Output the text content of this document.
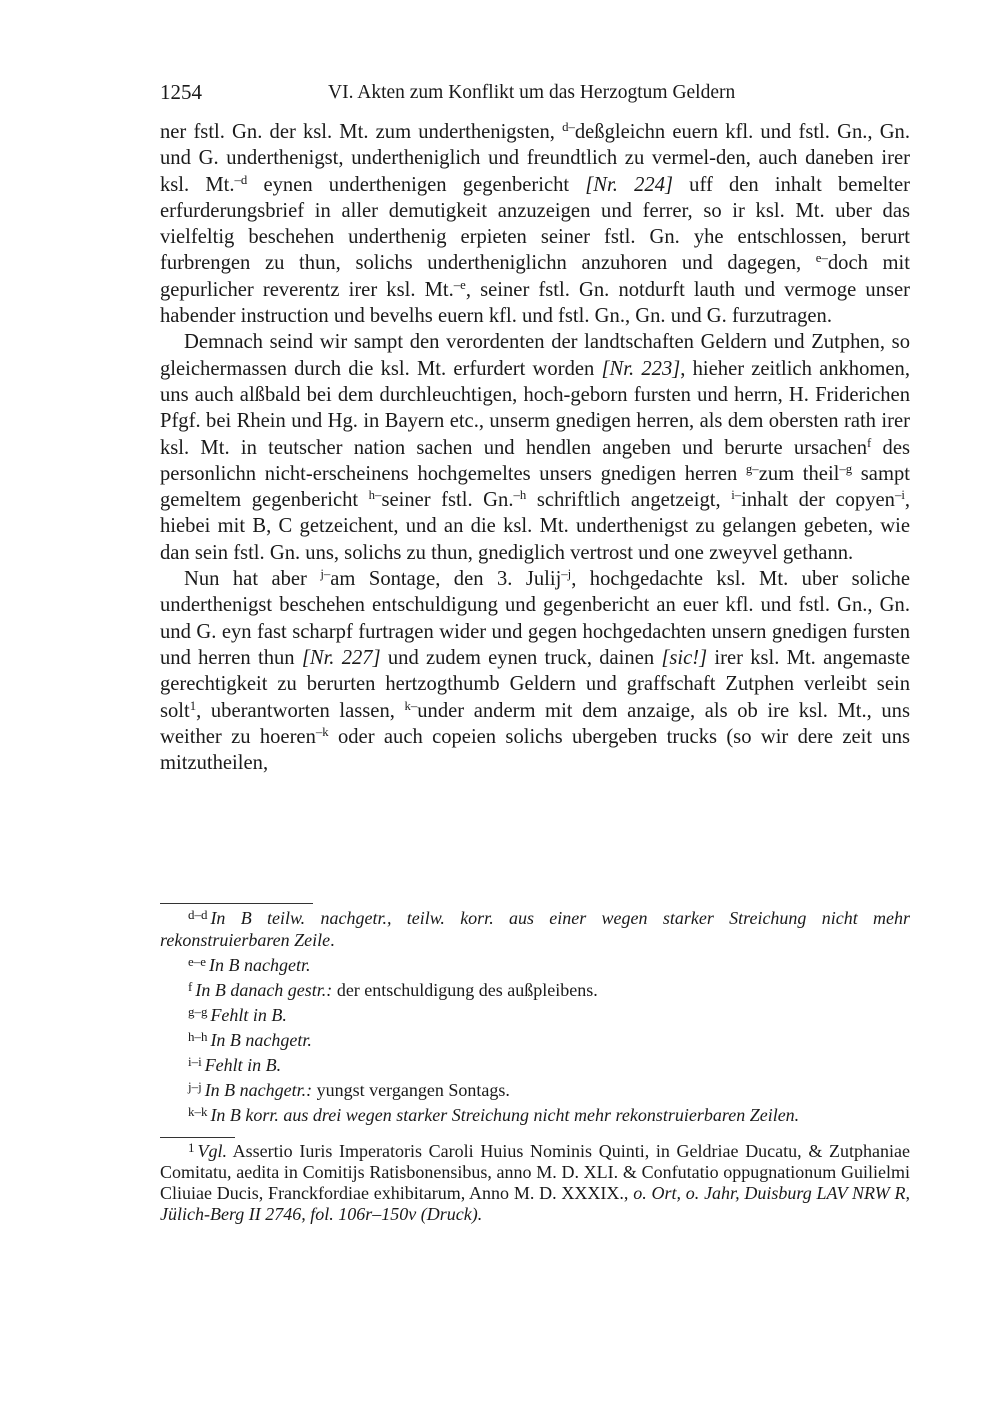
1254	VI. Akten zum Konflikt um das Herzogtum Geldern

ner fstl. Gn. der ksl. Mt. zum underthenigsten, $^{d-}$deßgleichn euern kfl. und fstl. Gn., Gn. und G. underthenigst, undertheniglich und freundtlich zu vermel-den, auch daneben irer ksl. Mt.$^{-d}$ eynen underthenigen gegenbericht [Nr. 224] uff den inhalt bemelter erfurderungsbrief in aller demutigkeit anzuzeigen und ferrer, so ir ksl. Mt. uber das vielfeltig beschehen underthenig erpieten seiner fstl. Gn. yhe entschlossen, berurt furbrengen zu thun, solichs undertheniglichn anzuhoren und dagegen, $^{e-}$doch mit gepurlicher reverentz irer ksl. Mt.$^{-e}$, seiner fstl. Gn. notdurft lauth und vermoge unser habender instruction und bevelhs euern kfl. und fstl. Gn., Gn. und G. furzutragen.

Demnach seind wir sampt den verordenten der landtschaften Geldern und Zutphen, so gleichermassen durch die ksl. Mt. erfurdert worden [Nr. 223], hieher zeitlich ankhomen, uns auch alßbald bei dem durchleuchtigen, hoch-geborn fursten und herrn, H. Friderichen Pfgf. bei Rhein und Hg. in Bayern etc., unserm gnedigen herren, als dem obersten rath irer ksl. Mt. in teutscher nation sachen und hendlen angeben und berurte ursachen$^f$ des personlichn nicht-erscheinens hochgemeltes unsers gnedigen herren $^{g-}$zum theil$^{-g}$ sampt gemeltem gegenbericht $^{h-}$seiner fstl. Gn.$^{-h}$ schriftlich angetzeigt, $^{i-}$inhalt der copyen$^{-i}$, hiebei mit B, C getzeichent, und an die ksl. Mt. underthenigst zu gelangen gebeten, wie dan sein fstl. Gn. uns, solichs zu thun, gnediglich vertrost und one zweyvel gethann.

Nun hat aber $^{j-}$am Sontage, den 3. Julij$^{-j}$, hochgedachte ksl. Mt. uber soliche underthenigst beschehen entschuldigung und gegenbericht an euer kfl. und fstl. Gn., Gn. und G. eyn fast scharpf furtragen wider und gegen hochgedachten unsern gnedigen fursten und herren thun [Nr. 227] und zudem eynen truck, dainen [sic!] irer ksl. Mt. angemaste gerechtigkeit zu berurten hertzogthumb Geldern und graffschaft Zutphen verleibt sein solt$^1$, uberantworten lassen, $^{k-}$under anderm mit dem anzaige, als ob ire ksl. Mt., uns weither zu hoeren$^{-k}$ oder auch copeien solichs ubergeben trucks (so wir dere zeit uns mitzutheilen,

$^{d-d}$ In B teilw. nachgetr., teilw. korr. aus einer wegen starker Streichung nicht mehr rekonstruierbaren Zeile.

$^{e-e}$ In B nachgetr.

$^f$ In B danach gestr.: der entschuldigung des außpleibens.

$^{g-g}$ Fehlt in B.

$^{h-h}$ In B nachgetr.

$^{i-i}$ Fehlt in B.

$^{j-j}$ In B nachgetr.: yungst vergangen Sontags.

$^{k-k}$ In B korr. aus drei wegen starker Streichung nicht mehr rekonstruierbaren Zeilen.

$^1$ Vgl. Assertio Iuris Imperatoris Caroli Huius Nominis Quinti, in Geldriae Ducatu, & Zutphaniae Comitatu, aedita in Comitijs Ratisbonensibus, anno M. D. XLI. & Confutatio oppugnationum Guilielmi Cliuiae Ducis, Franckfordiae exhibitarum, Anno M. D. XXXIX., o. Ort, o. Jahr, Duisburg LAV NRW R, Jülich-Berg II 2746, fol. 106r–150v (Druck).
